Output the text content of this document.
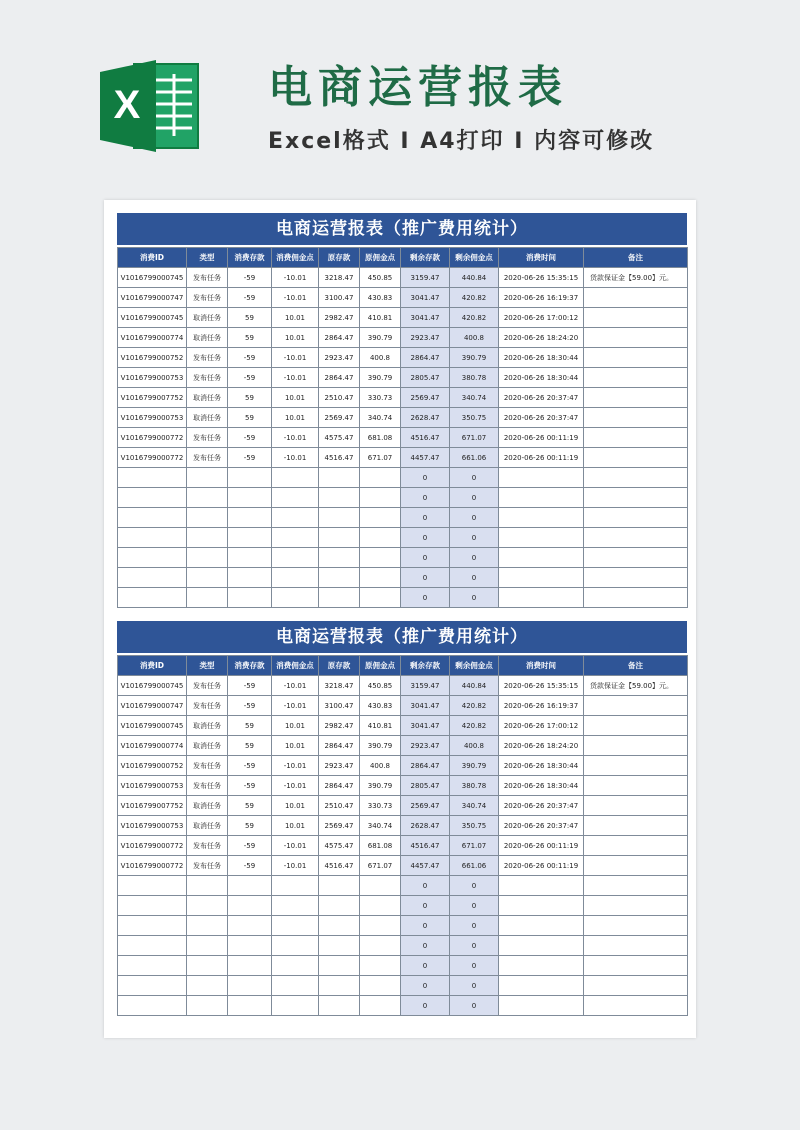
X	电商运营报表
Excel格式 I A4打印 I 内容可修改
电商运营报表（推广费用统计）
消费ID	类型	消费存款	消费佣金点	原存款	原佣金点	剩余存款	剩余佣金点	消费时间	备注
V1016799000745	发布任务	-59	-10.01	3218.47	450.85	3159.47	440.84	2020-06-26 15:35:15	货款保证金【59.00】元。
V1016799000747	发布任务	-59	-10.01	3100.47	430.83	3041.47	420.82	2020-06-26 16:19:37	
V1016799000745	取消任务	59	10.01	2982.47	410.81	3041.47	420.82	2020-06-26 17:00:12	
V1016799000774	取消任务	59	10.01	2864.47	390.79	2923.47	400.8	2020-06-26 18:24:20	
V1016799000752	发布任务	-59	-10.01	2923.47	400.8	2864.47	390.79	2020-06-26 18:30:44	
V1016799000753	发布任务	-59	-10.01	2864.47	390.79	2805.47	380.78	2020-06-26 18:30:44	
V1016799007752	取消任务	59	10.01	2510.47	330.73	2569.47	340.74	2020-06-26 20:37:47	
V1016799000753	取消任务	59	10.01	2569.47	340.74	2628.47	350.75	2020-06-26 20:37:47	
V1016799000772	发布任务	-59	-10.01	4575.47	681.08	4516.47	671.07	2020-06-26 00:11:19	
V1016799000772	发布任务	-59	-10.01	4516.47	671.07	4457.47	661.06	2020-06-26 00:11:19	
						0	0		
						0	0		
						0	0		
						0	0		
						0	0		
						0	0		
						0	0		
电商运营报表（推广费用统计）
消费ID	类型	消费存款	消费佣金点	原存款	原佣金点	剩余存款	剩余佣金点	消费时间	备注
V1016799000745	发布任务	-59	-10.01	3218.47	450.85	3159.47	440.84	2020-06-26 15:35:15	货款保证金【59.00】元。
V1016799000747	发布任务	-59	-10.01	3100.47	430.83	3041.47	420.82	2020-06-26 16:19:37	
V1016799000745	取消任务	59	10.01	2982.47	410.81	3041.47	420.82	2020-06-26 17:00:12	
V1016799000774	取消任务	59	10.01	2864.47	390.79	2923.47	400.8	2020-06-26 18:24:20	
V1016799000752	发布任务	-59	-10.01	2923.47	400.8	2864.47	390.79	2020-06-26 18:30:44	
V1016799000753	发布任务	-59	-10.01	2864.47	390.79	2805.47	380.78	2020-06-26 18:30:44	
V1016799007752	取消任务	59	10.01	2510.47	330.73	2569.47	340.74	2020-06-26 20:37:47	
V1016799000753	取消任务	59	10.01	2569.47	340.74	2628.47	350.75	2020-06-26 20:37:47	
V1016799000772	发布任务	-59	-10.01	4575.47	681.08	4516.47	671.07	2020-06-26 00:11:19	
V1016799000772	发布任务	-59	-10.01	4516.47	671.07	4457.47	661.06	2020-06-26 00:11:19	
						0	0		
						0	0		
						0	0		
						0	0		
						0	0		
						0	0		
						0	0		
